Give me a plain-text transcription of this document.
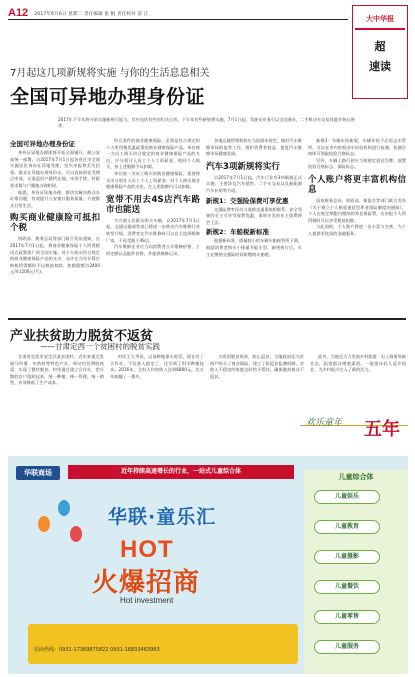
A12 2017年6月6日 星期二 责任编辑 张 帆 责任校对 雷 江
大中华报
超
速读
7月起这几项新规将实施 与你的生活息息相关
全国可异地办理身份证
2017年下半年将开始实施新规可能与，其中包括有些你们关心的，下半年有些新规将实施，7月1日起，驾驶证业务可以全国通办，二手机动车交易异地业务办理等。
全国可异地办理身份证

身份证异地办理即将开始全面铺开，据公安部统一部署，自2017年7月1日起各省区市全面实施居民身份证异地受理、挂失申报和丢失招领。群众在异地办理身份证，可以直接前往受理点申请，无需返回户籍所在地，申领手续、时限要求都与户籍地办理相同。

据悉，身份证异地办理，将切实解决群众办证难问题，有效提升公安窗口服务质量，方便群众日常生活。

购买商业健康险可抵扣个税

财政部、税务总局等部门联合发布通知，自2017年7月1日起，将商业健康保险个人所得税试点政策推广到全国实施。对个人购买符合规定的商业健康保险产品的支出，允许在当年计算应纳税所得额时予以税前扣除，扣除限额为2400元/年(200元/月)。

符合条件的商业健康保险，必须是符合规定的个人所得税优惠政策的商业健康保险产品。单位统一为员工购买符合规定的商业健康保险产品的支出，应分别计入员工个人工资薪金，视同个人购买，按上述限额予以扣除。

单位统一为员工购买的商业健康保险，需要将支出分别计入员工个人工资薪金。对个人购买商业健康保险产品的支出，在上述限额内可以扣除。

宽带不用去4S店汽车路市也能送

为方便人民群众购买车辆，自2017年7月1日起，交通运输部等部门将进一步推动汽车维修行业转型升级，消费者在汽车维修时可以自主选择维修厂家，不再受限于4S店。

汽车维修企业应当向消费者公开维修价格、工时定额以及配件价格，并提供维修记录。

各地运输管理机构应当依据本规定，做好汽车维修市场的监管工作，维护消费者权益，促进汽车维修市场健康发展。

汽车3项新规将实行

自2017年7月1日起，汽车行业有3项新规正式实施，主要涉及汽车销售、二手车交易以及新能源汽车补贴等方面。

新规1：交强险保费可享优惠

交强险费率浮动与道路交通事故相联系，安全驾驶的车主可享受保费优惠，事故多发的车主保费将会上浮。

新规2：车船税新标准

根据新标准，排量较小的车辆车船税有所下调，鼓励消费者购买小排量节能车型。新规执行后，车主在缴纳交强险时同时缴纳车船税。

新规3：车辆年检新规，车辆年检不必再去车管所，可以在市内的机动车检验机构进行检测，检测合格即可领取检验合格标志。

另外，车辆上路行驶应当按规定悬挂号牌，放置检验合格标志、保险标志。

个人账户将更丰富机构信息

国家税务总局、财政部、保监会等部门联合发布《关于建立个人税收递延型养老保险制度的通知》，个人在规定期限内缴纳的养老保险费，在申报个人所得税时可以享受税前扣除。

与此同时，个人账户将进一步丰富与完善，为个人提供更优质的金融服务。

产业扶贫助力脱贫不返贫
——甘肃定西一个贫困村的脱贫实践

甘肃省定西市安定区某贫困村，近年来通过发展马铃薯、中药材等特色产业，带动村民增收致富，实现了整村脱贫。村里通过建立合作社，把分散的农户组织起来，统一种植、统一管理、统一销售，有效降低了生产成本。

村民王大爷说，以前种地靠天吃饭，现在有了合作社，不仅收入稳定了，还学到了科学种植技术。2016年，全村人均纯收入达到6800元，比五年前翻了一番多。

为巩固脱贫成果，防止返贫，当地政府还为贫困户购买了商业保险，建立了防返贫监测机制，对收入不稳定的家庭及时给予帮扶，确保脱贫群众不返贫。

此外，当地还大力发展乡村旅游、电子商务等新业态，拓宽群众增收渠道。一批批年轻人返乡创业，为乡村振兴注入了新的活力。

欢乐童年 五年
华联商场	近年持续高速增长的行业，一站式儿童综合体
华联·童乐汇
HOT
火爆招商
Hot investment
招商热线：0931-17369875822 0931-16833463983
儿童综合体
儿童娱乐
儿童教育
儿童摄影
儿童餐饮
儿童零售
儿童服务
